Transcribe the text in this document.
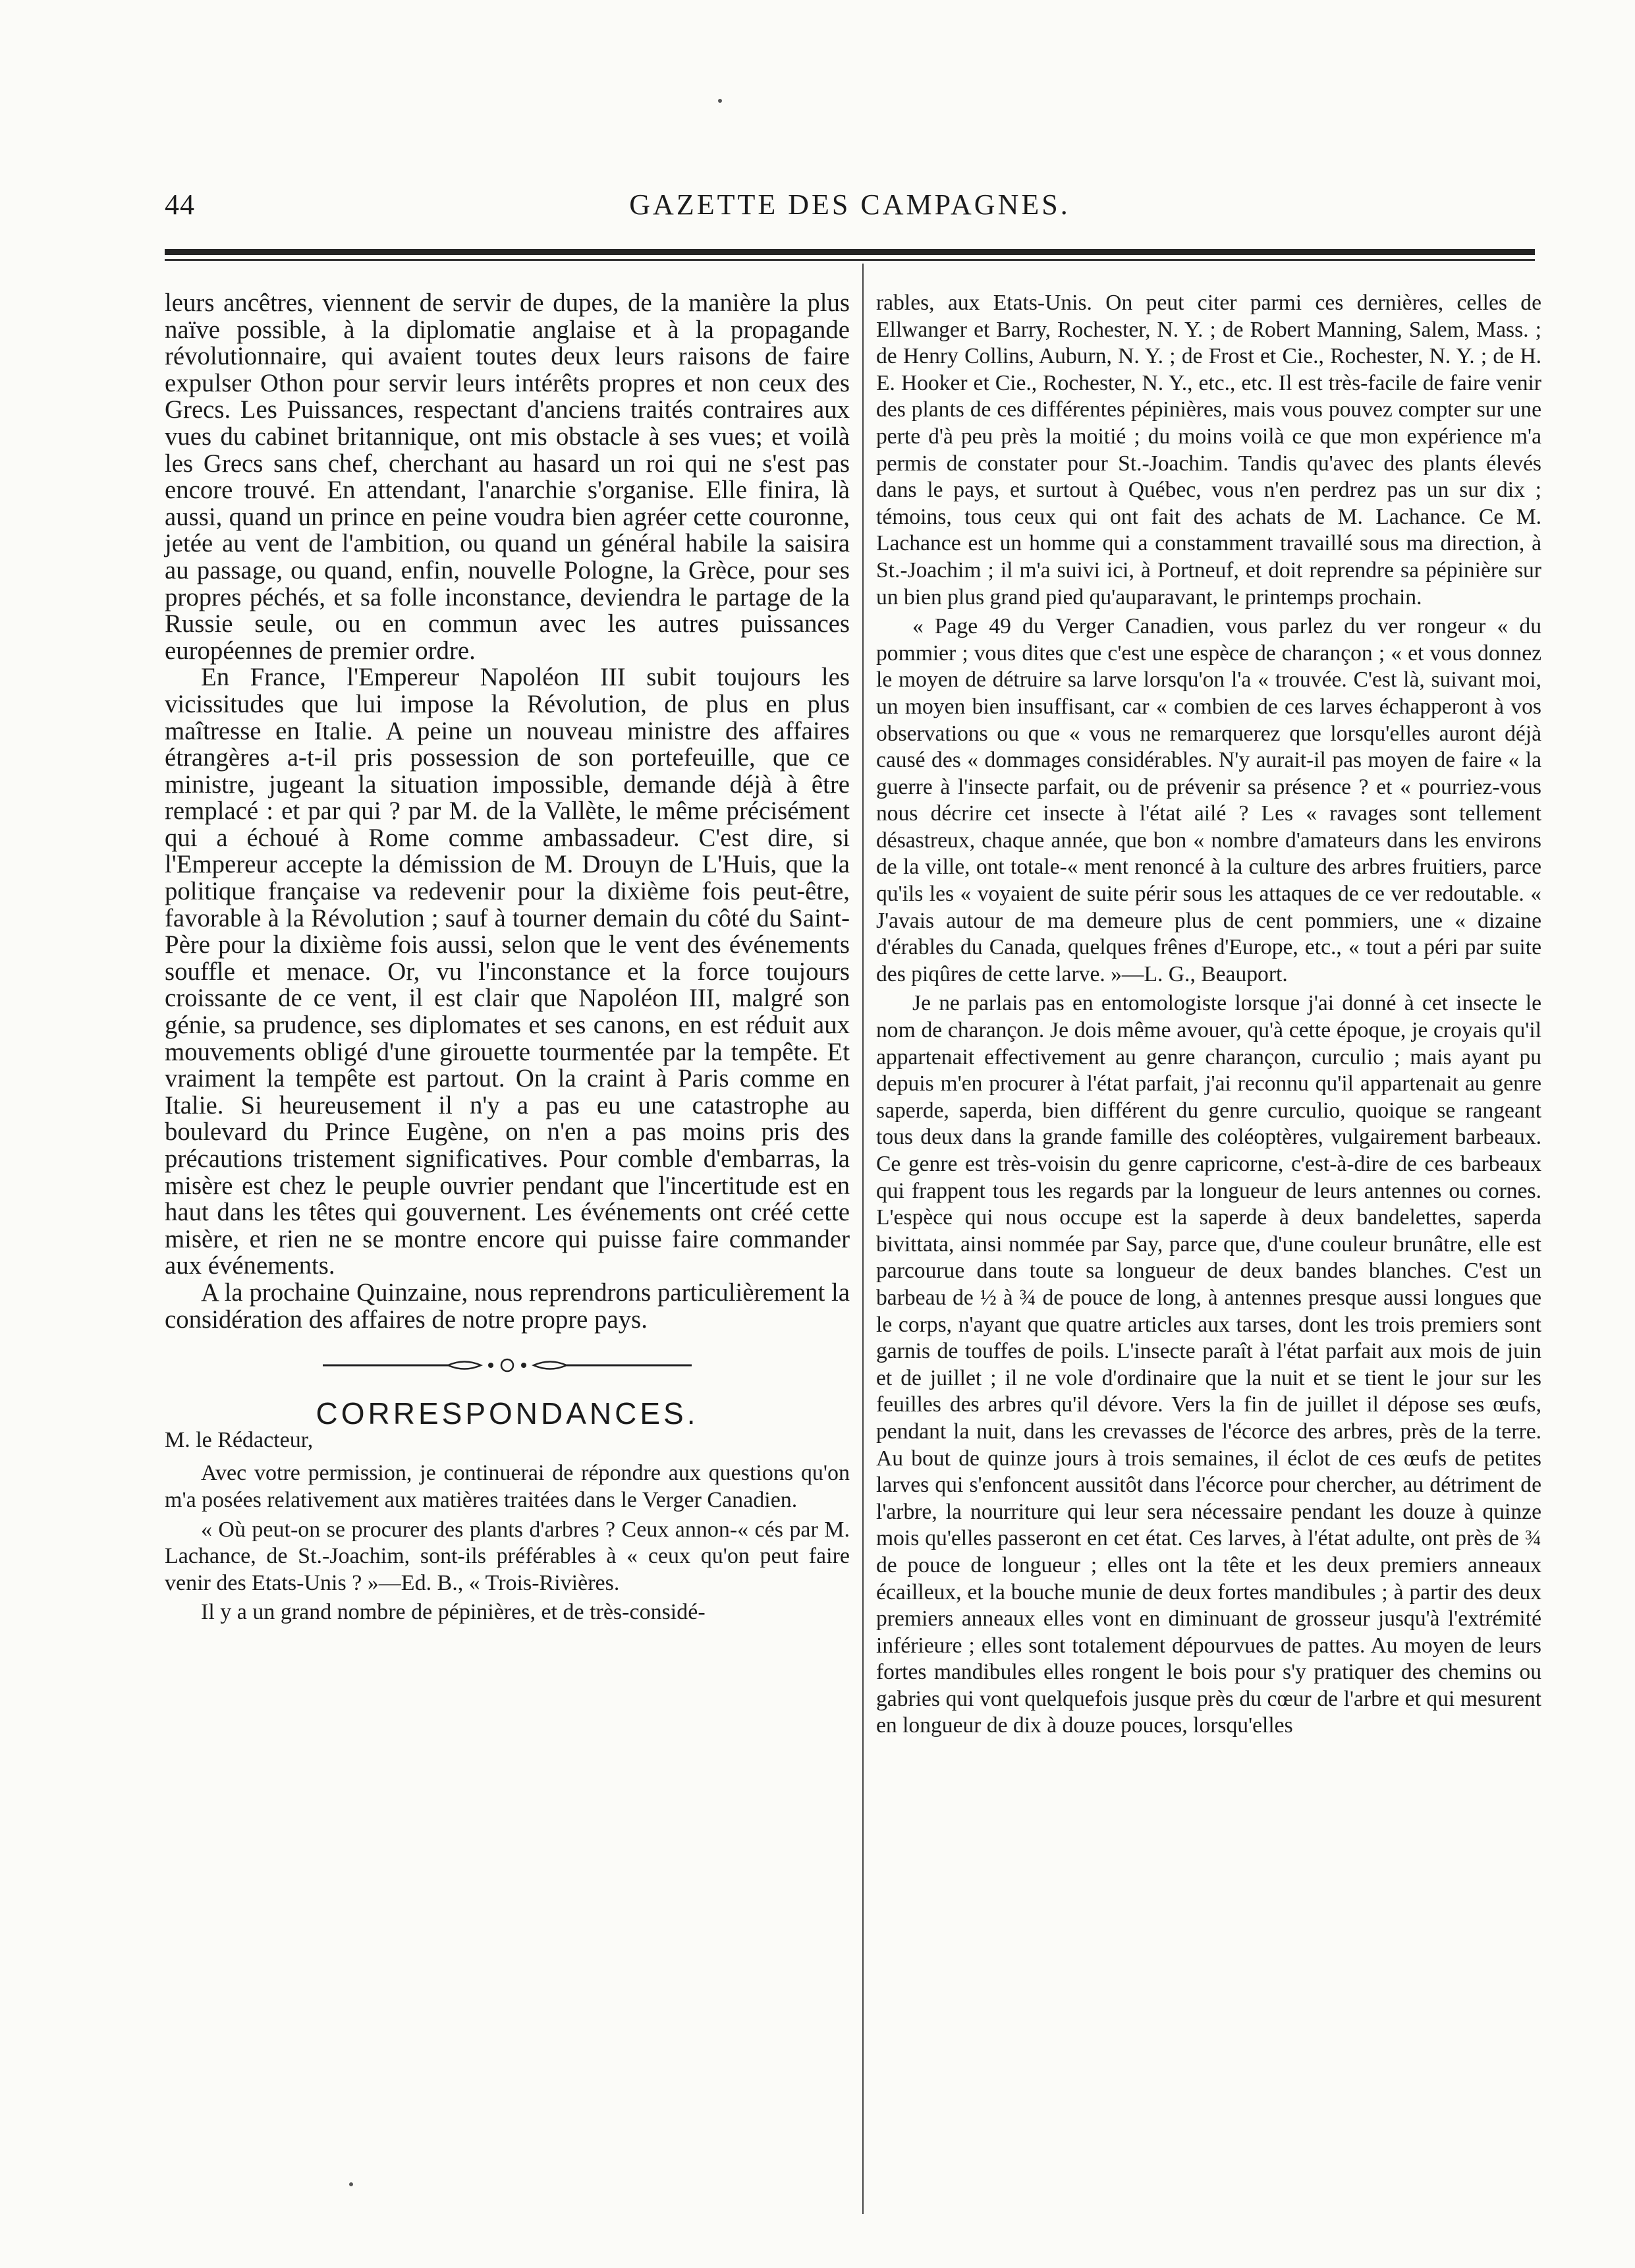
44	GAZETTE DES CAMPAGNES.

leurs ancêtres, viennent de servir de dupes, de la manière la plus naïve possible, à la diplomatie anglaise et à la propagande révolutionnaire, qui avaient toutes deux leurs raisons de faire expulser Othon pour servir leurs intérêts propres et non ceux des Grecs. Les Puissances, respectant d'anciens traités contraires aux vues du cabinet britannique, ont mis obstacle à ses vues; et voilà les Grecs sans chef, cherchant au hasard un roi qui ne s'est pas encore trouvé. En attendant, l'anarchie s'organise. Elle finira, là aussi, quand un prince en peine voudra bien agréer cette couronne, jetée au vent de l'ambition, ou quand un général habile la saisira au passage, ou quand, enfin, nouvelle Pologne, la Grèce, pour ses propres péchés, et sa folle inconstance, deviendra le partage de la Russie seule, ou en commun avec les autres puissances européennes de premier ordre.

En France, l'Empereur Napoléon III subit toujours les vicissitudes que lui impose la Révolution, de plus en plus maîtresse en Italie. A peine un nouveau ministre des affaires étrangères a-t-il pris possession de son portefeuille, que ce ministre, jugeant la situation impossible, demande déjà à être remplacé : et par qui ? par M. de la Vallète, le même précisément qui a échoué à Rome comme ambassadeur. C'est dire, si l'Empereur accepte la démission de M. Drouyn de L'Huis, que la politique française va redevenir pour la dixième fois peut-être, favorable à la Révolution ; sauf à tourner demain du côté du Saint-Père pour la dixième fois aussi, selon que le vent des événements souffle et menace. Or, vu l'inconstance et la force toujours croissante de ce vent, il est clair que Napoléon III, malgré son génie, sa prudence, ses diplomates et ses canons, en est réduit aux mouvements obligé d'une girouette tourmentée par la tempête. Et vraiment la tempête est partout. On la craint à Paris comme en Italie. Si heureusement il n'y a pas eu une catastrophe au boulevard du Prince Eugène, on n'en a pas moins pris des précautions tristement significatives. Pour comble d'embarras, la misère est chez le peuple ouvrier pendant que l'incertitude est en haut dans les têtes qui gouvernent. Les événements ont créé cette misère, et rien ne se montre encore qui puisse faire commander aux événements.

A la prochaine Quinzaine, nous reprendrons particulièrement la considération des affaires de notre propre pays.

CORRESPONDANCES.

M. le Rédacteur,

Avec votre permission, je continuerai de répondre aux questions qu'on m'a posées relativement aux matières traitées dans le Verger Canadien.

« Où peut-on se procurer des plants d'arbres ? Ceux annon-« cés par M. Lachance, de St.-Joachim, sont-ils préférables à « ceux qu'on peut faire venir des Etats-Unis ? »—Ed. B., « Trois-Rivières.

Il y a un grand nombre de pépinières, et de très-considé-

rables, aux Etats-Unis. On peut citer parmi ces dernières, celles de Ellwanger et Barry, Rochester, N. Y. ; de Robert Manning, Salem, Mass. ; de Henry Collins, Auburn, N. Y. ; de Frost et Cie., Rochester, N. Y. ; de H. E. Hooker et Cie., Rochester, N. Y., etc., etc. Il est très-facile de faire venir des plants de ces différentes pépinières, mais vous pouvez compter sur une perte d'à peu près la moitié ; du moins voilà ce que mon expérience m'a permis de constater pour St.-Joachim. Tandis qu'avec des plants élevés dans le pays, et surtout à Québec, vous n'en perdrez pas un sur dix ; témoins, tous ceux qui ont fait des achats de M. Lachance. Ce M. Lachance est un homme qui a constamment travaillé sous ma direction, à St.-Joachim ; il m'a suivi ici, à Portneuf, et doit reprendre sa pépinière sur un bien plus grand pied qu'auparavant, le printemps prochain.

« Page 49 du Verger Canadien, vous parlez du ver rongeur « du pommier ; vous dites que c'est une espèce de charançon ; « et vous donnez le moyen de détruire sa larve lorsqu'on l'a « trouvée. C'est là, suivant moi, un moyen bien insuffisant, car « combien de ces larves échapperont à vos observations ou que « vous ne remarquerez que lorsqu'elles auront déjà causé des « dommages considérables. N'y aurait-il pas moyen de faire « la guerre à l'insecte parfait, ou de prévenir sa présence ? et « pourriez-vous nous décrire cet insecte à l'état ailé ? Les « ravages sont tellement désastreux, chaque année, que bon « nombre d'amateurs dans les environs de la ville, ont totale-« ment renoncé à la culture des arbres fruitiers, parce qu'ils les « voyaient de suite périr sous les attaques de ce ver redoutable. « J'avais autour de ma demeure plus de cent pommiers, une « dizaine d'érables du Canada, quelques frênes d'Europe, etc., « tout a péri par suite des piqûres de cette larve. »—L. G., Beauport.

Je ne parlais pas en entomologiste lorsque j'ai donné à cet insecte le nom de charançon. Je dois même avouer, qu'à cette époque, je croyais qu'il appartenait effectivement au genre charançon, curculio ; mais ayant pu depuis m'en procurer à l'état parfait, j'ai reconnu qu'il appartenait au genre saperde, saperda, bien différent du genre curculio, quoique se rangeant tous deux dans la grande famille des coléoptères, vulgairement barbeaux. Ce genre est très-voisin du genre capricorne, c'est-à-dire de ces barbeaux qui frappent tous les regards par la longueur de leurs antennes ou cornes. L'espèce qui nous occupe est la saperde à deux bandelettes, saperda bivittata, ainsi nommée par Say, parce que, d'une couleur brunâtre, elle est parcourue dans toute sa longueur de deux bandes blanches. C'est un barbeau de ½ à ¾ de pouce de long, à antennes presque aussi longues que le corps, n'ayant que quatre articles aux tarses, dont les trois premiers sont garnis de touffes de poils. L'insecte paraît à l'état parfait aux mois de juin et de juillet ; il ne vole d'ordinaire que la nuit et se tient le jour sur les feuilles des arbres qu'il dévore. Vers la fin de juillet il dépose ses œufs, pendant la nuit, dans les crevasses de l'écorce des arbres, près de la terre. Au bout de quinze jours à trois semaines, il éclot de ces œufs de petites larves qui s'enfoncent aussitôt dans l'écorce pour chercher, au détriment de l'arbre, la nourriture qui leur sera nécessaire pendant les douze à quinze mois qu'elles passeront en cet état. Ces larves, à l'état adulte, ont près de ¾ de pouce de longueur ; elles ont la tête et les deux premiers anneaux écailleux, et la bouche munie de deux fortes mandibules ; à partir des deux premiers anneaux elles vont en diminuant de grosseur jusqu'à l'extrémité inférieure ; elles sont totalement dépourvues de pattes. Au moyen de leurs fortes mandibules elles rongent le bois pour s'y pratiquer des chemins ou gabries qui vont quelquefois jusque près du cœur de l'arbre et qui mesurent en longueur de dix à douze pouces, lorsqu'elles
